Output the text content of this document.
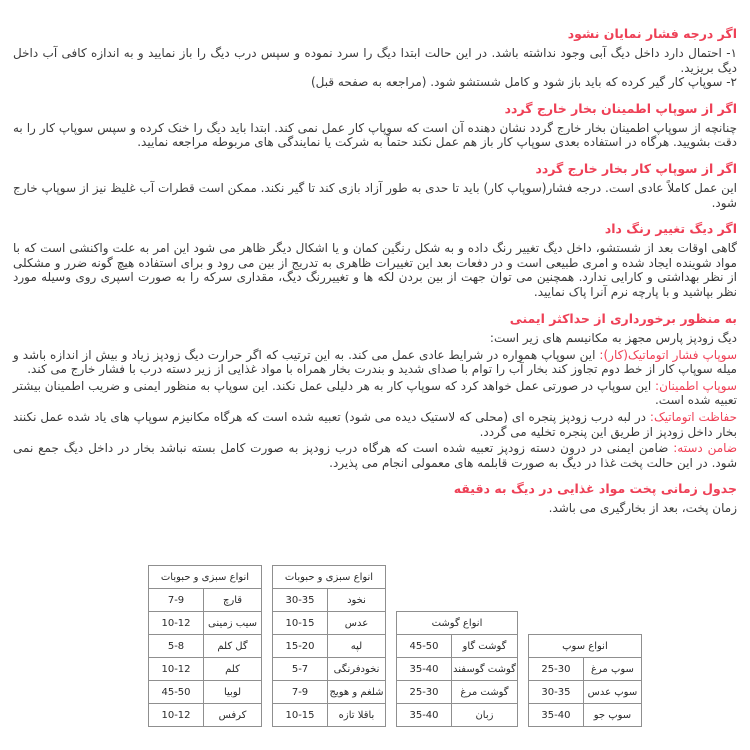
اگر درجه فشار نمایان نشود

۱- احتمال دارد داخل دیگ آبی وجود نداشته باشد. در این حالت ابتدا دیگ را سرد نموده و سپس درب دیگ را باز نمایید و به اندازه کافی آب داخل دیگ بریزید.

۲- سوپاپ کار گیر کرده که باید باز شود و کامل شستشو شود. (مراجعه به صفحه قبل)

اگر از سوپاپ اطمینان بخار خارج گردد

چنانچه از سوپاپ اطمینان بخار خارج گردد نشان دهنده آن است که سوپاپ کار عمل نمی کند. ابتدا باید دیگ را خنک کرده و سپس سوپاپ کار را به دقت بشویید. هرگاه در استفاده بعدی سوپاپ کار باز هم عمل نکند حتماً به شرکت یا نمایندگی های مربوطه مراجعه نمایید.

اگر از سوپاپ کار بخار خارج گردد

این عمل کاملاً عادی است. درجه فشار(سوپاپ کار) باید تا حدی به طور آزاد بازی کند تا گیر نکند. ممکن است قطرات آب غلیظ نیز از سوپاپ خارج شود.

اگر دیگ تغییر رنگ داد

گاهی اوقات بعد از شستشو، داخل دیگ تغییر رنگ داده و به شکل رنگین کمان و یا اشکال دیگر ظاهر می شود این امر به علت واکنشی است که با مواد شوینده ایجاد شده و امری طبیعی است و در دفعات بعد این تغییرات ظاهری به تدریج از بین می رود و برای استفاده هیچ گونه ضرر و مشکلی از نظر بهداشتی و کارایی ندارد. همچنین می توان جهت از بین بردن لکه ها و تغییررنگ دیگ، مقداری سرکه را به صورت اسپری روی وسیله مورد نظر بپاشید و با پارچه نرم آنرا پاک نمایید.

به منظور برخورداری از حداکثر ایمنی

دیگ زودپز پارس مجهز به مکانیسم های زیر است:

سوپاپ فشار اتوماتیک(کار): این سوپاپ همواره در شرایط عادی عمل می کند. به این ترتیب که اگر حرارت دیگ زودپز زیاد و بیش از اندازه باشد و میله سوپاپ کار از خط دوم تجاوز کند بخار آب را توام با صدای شدید و بندرت بخار همراه با مواد غذایی از زیر دسته درب با فشار خارج می کند.

سوپاپ اطمینان: این سوپاپ در صورتی عمل خواهد کرد که سوپاپ کار به هر دلیلی عمل نکند. این سوپاپ به منظور ایمنی و ضریب اطمینان بیشتر تعبیه شده است.

حفاظت اتوماتیک: در لبه درب زودپز پنجره ای (محلی که لاستیک دیده می شود) تعبیه شده است که هرگاه مکانیزم سوپاپ های یاد شده عمل نکنند بخار داخل زودپز از طریق این پنجره تخلیه می گردد.

ضامن دسته: ضامن ایمنی در درون دسته زودپز تعبیه شده است که هرگاه درب زودپز به صورت کامل بسته نباشد بخار در داخل دیگ جمع نمی شود. در این حالت پخت غذا در دیگ به صورت قابلمه های معمولی انجام می پذیرد.

جدول زمانی پخت مواد غذایی در دیگ به دقیقه

زمان پخت، بعد از بخارگیری می باشد.

انواع سبزی و حبوبات	
قارچ	7-9
سیب زمینی	10-12
گل کلم	5-8
کلم	10-12
لوبیا	45-50
کرفس	10-12
انواع سبزی و حبوبات	
نخود	30-35
عدس	10-15
لپه	15-20
نخودفرنگی	5-7
شلغم و هویج	7-9
باقلا تازه	10-15
انواع گوشت	
گوشت گاو	45-50
گوشت گوسفند	35-40
گوشت مرغ	25-30
زبان	35-40
انواع سوپ	
سوپ مرغ	25-30
سوپ عدس	30-35
سوپ جو	35-40
